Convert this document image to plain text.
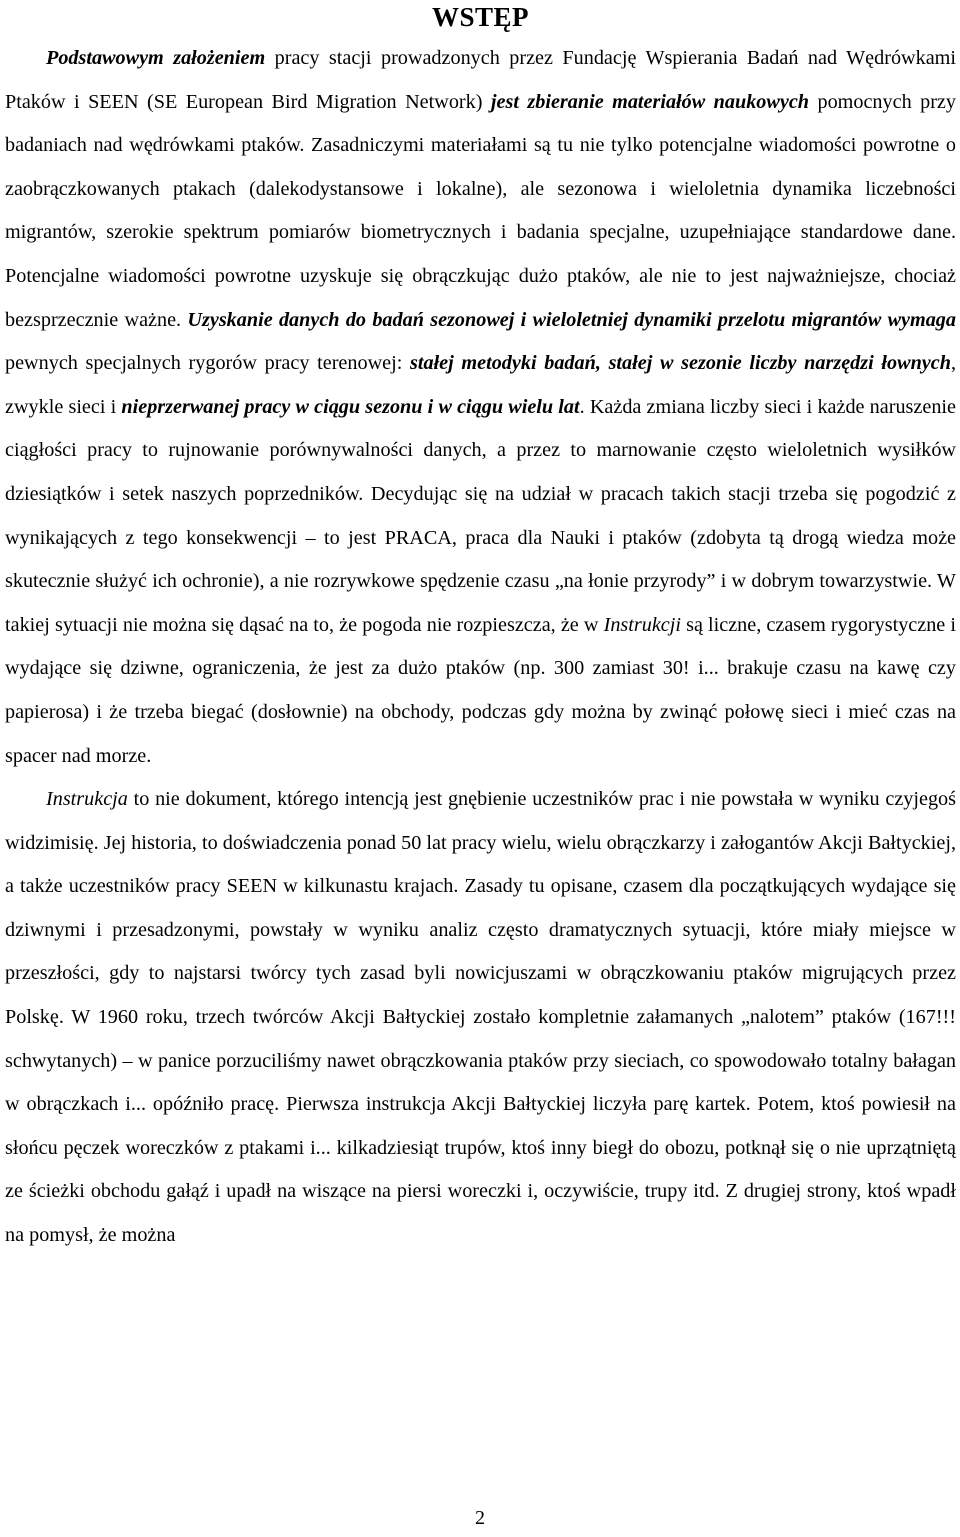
WSTĘP

Podstawowym założeniem pracy stacji prowadzonych przez Fundację Wspierania Badań nad Wędrówkami Ptaków i SEEN (SE European Bird Migration Network) jest zbieranie materiałów naukowych pomocnych przy badaniach nad wędrówkami ptaków. Zasadniczymi materiałami są tu nie tylko potencjalne wiadomości powrotne o zaobrączkowanych ptakach (dalekodystansowe i lokalne), ale sezonowa i wieloletnia dynamika liczebności migrantów, szerokie spektrum pomiarów biometrycznych i badania specjalne, uzupełniające standardowe dane. Potencjalne wiadomości powrotne uzyskuje się obrączkując dużo ptaków, ale nie to jest najważniejsze, chociaż bezsprzecznie ważne. Uzyskanie danych do badań sezonowej i wieloletniej dynamiki przelotu migrantów wymaga pewnych specjalnych rygorów pracy terenowej: stałej metodyki badań, stałej w sezonie liczby narzędzi łownych, zwykle sieci i nieprzerwanej pracy w ciągu sezonu i w ciągu wielu lat. Każda zmiana liczby sieci i każde naruszenie ciągłości pracy to rujnowanie porównywalności danych, a przez to marnowanie często wieloletnich wysiłków dziesiątków i setek naszych poprzedników. Decydując się na udział w pracach takich stacji trzeba się pogodzić z wynikających z tego konsekwencji – to jest PRACA, praca dla Nauki i ptaków (zdobyta tą drogą wiedza może skutecznie służyć ich ochronie), a nie rozrywkowe spędzenie czasu „na łonie przyrody” i w dobrym towarzystwie. W takiej sytuacji nie można się dąsać na to, że pogoda nie rozpieszcza, że w Instrukcji są liczne, czasem rygorystyczne i wydające się dziwne, ograniczenia, że jest za dużo ptaków (np. 300 zamiast 30! i... brakuje czasu na kawę czy papierosa) i że trzeba biegać (dosłownie) na obchody, podczas gdy można by zwinąć połowę sieci i mieć czas na spacer nad morze.

Instrukcja to nie dokument, którego intencją jest gnębienie uczestników prac i nie powstała w wyniku czyjegoś widzimisię. Jej historia, to doświadczenia ponad 50 lat pracy wielu, wielu obrączkarzy i załogantów Akcji Bałtyckiej, a także uczestników pracy SEEN w kilkunastu krajach. Zasady tu opisane, czasem dla początkujących wydające się dziwnymi i przesadzonymi, powstały w wyniku analiz często dramatycznych sytuacji, które miały miejsce w przeszłości, gdy to najstarsi twórcy tych zasad byli nowicjuszami w obrączkowaniu ptaków migrujących przez Polskę. W 1960 roku, trzech twórców Akcji Bałtyckiej zostało kompletnie załamanych „nalotem” ptaków (167!!! schwytanych) – w panice porzuciliśmy nawet obrączkowania ptaków przy sieciach, co spowodowało totalny bałagan w obrączkach i... opóźniło pracę. Pierwsza instrukcja Akcji Bałtyckiej liczyła parę kartek. Potem, ktoś powiesił na słońcu pęczek woreczków z ptakami i... kilkadziesiąt trupów, ktoś inny biegł do obozu, potknął się o nie uprzątniętą ze ścieżki obchodu gałąź i upadł na wiszące na piersi woreczki i, oczywiście, trupy itd. Z drugiej strony, ktoś wpadł na pomysł, że można

2
